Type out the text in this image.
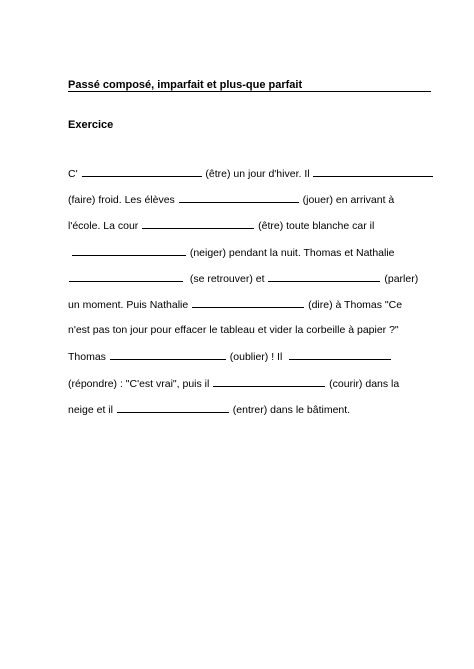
Passé composé, imparfait et plus-que parfait
Exercice
C'	(être) un jour d'hiver. Il
(faire) froid. Les élèves	(jouer) en arrivant à
l'école. La cour	(être) toute blanche car il
(neiger) pendant la nuit. Thomas et Nathalie
(se retrouver) et	(parler)
un moment. Puis Nathalie	(dire) à Thomas "Ce
n'est pas ton jour pour effacer le tableau et vider la corbeille à papier ?"
Thomas	(oublier) ! Il
(répondre) : "C'est vrai", puis il	(courir) dans la
neige et il	(entrer) dans le bâtiment.
